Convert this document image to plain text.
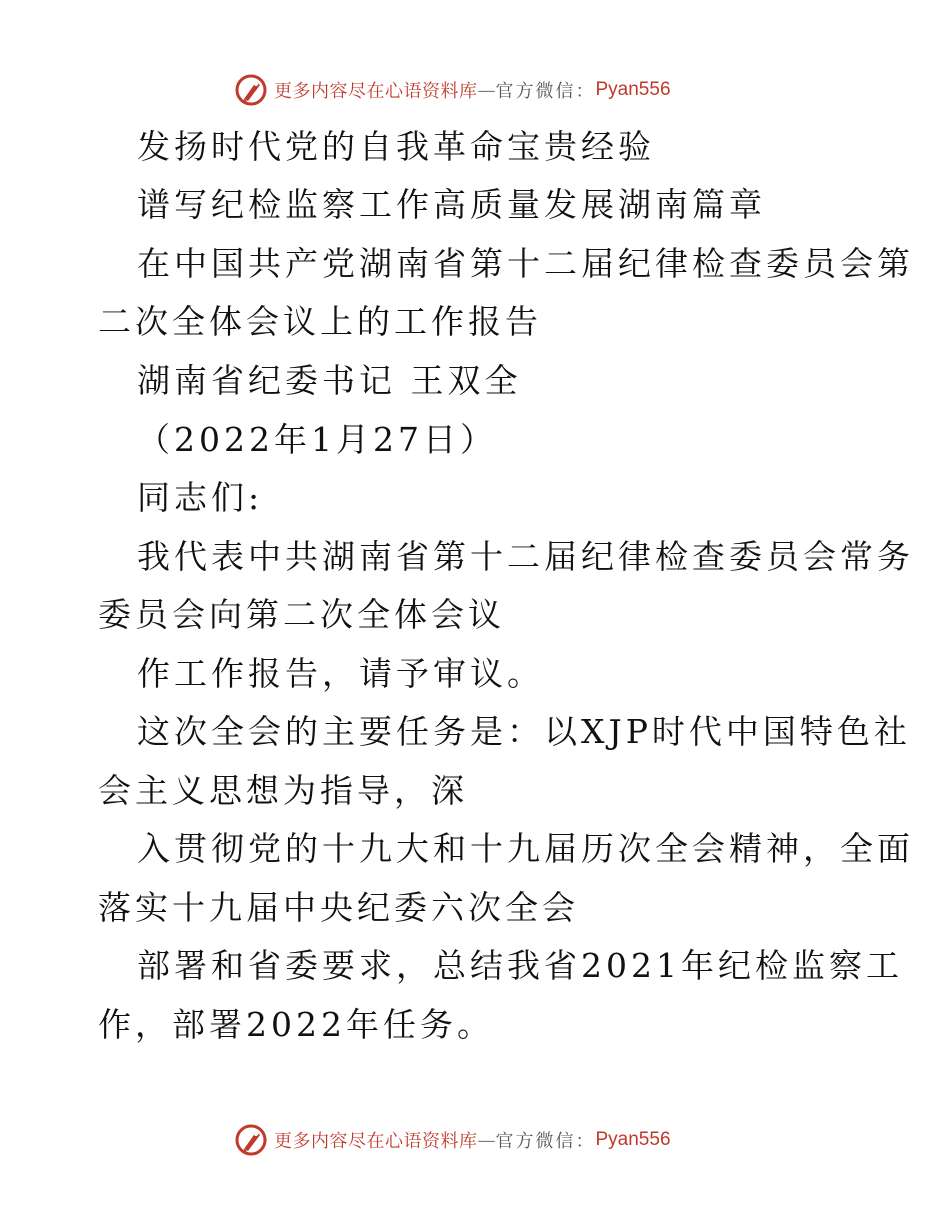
更多内容尽在心语资料库 — 官方微信： Pyan556
发扬时代党的自我革命宝贵经验
谱写纪检监察工作高质量发展湖南篇章
在中国共产党湖南省第十二届纪律检查委员会第
二次全体会议上的工作报告
湖南省纪委书记 王双全
（2022年1月27日）
同志们:
我代表中共湖南省第十二届纪律检查委员会常务
委员会向第二次全体会议
作工作报告，请予审议。
这次全会的主要任务是：以XJP时代中国特色社
会主义思想为指导，深
入贯彻党的十九大和十九届历次全会精神，全面
落实十九届中央纪委六次全会
部署和省委要求，总结我省2021年纪检监察工
作，部署2022年任务。
更多内容尽在心语资料库 — 官方微信： Pyan556
